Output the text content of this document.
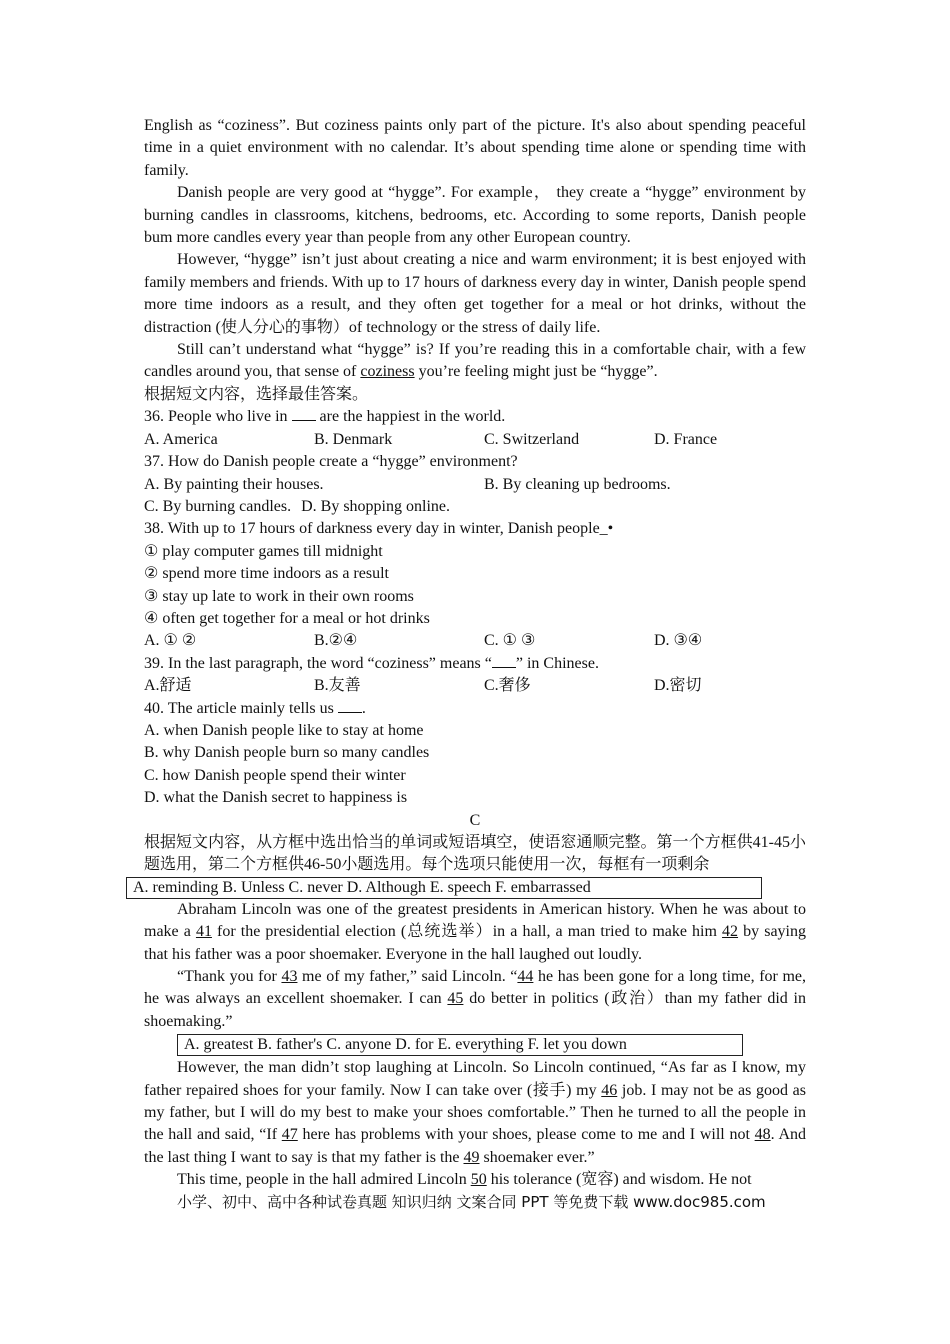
English as “coziness”. But coziness paints only part of the picture. It's also about spending peaceful time in a quiet environment with no calendar. It’s about spending time alone or spending time with family.

Danish people are very good at “hygge”. For example， they create a “hygge” environment by burning candles in classrooms, kitchens, bedrooms, etc. According to some reports, Danish people bum more candles every year than people from any other European country.

However, “hygge” isn’t just about creating a nice and warm environment; it is best enjoyed with family members and friends. With up to 17 hours of darkness every day in winter, Danish people spend more time indoors as a result, and they often get together for a meal or hot drinks, without the distraction (使人分心的事物）of technology or the stress of daily life.

Still can’t understand what “hygge” is? If you’re reading this in a comfortable chair, with a few candles around you, that sense of coziness you’re feeling might just be “hygge”.

根据短文内容，选择最佳答案。

36. People who live in  are the happiest in the world.

A. America	B. Denmark	C. Switzerland	D. France

37. How do Danish people create a “hygge” environment?

A. By painting their houses.	B. By cleaning up bedrooms.
C. By burning candles. D. By shopping online.

38. With up to 17 hours of darkness every day in winter, Danish people_•

① play computer games till midnight

② spend more time indoors as a result

③ stay up late to work in their own rooms

④ often get together for a meal or hot drinks

A. ① ②	B.②④	C. ① ③	D. ③④

39. In the last paragraph, the word “coziness” means “ ” in Chinese.

A.舒适	B.友善	C.奢侈	D.密切

40. The article mainly tells us .

A. when Danish people like to stay at home

B. why Danish people burn so many candles

C. how Danish people spend their winter

D. what the Danish secret to happiness is

C

根据短文内容，从方框中选出恰当的单词或短语填空，使语窓通顺完整。第一个方框供41-45小题选用，第二个方框供46-50小题选用。每个选项只能使用一次，每框有一项剩余

A. reminding B. Unless C. never D. Although E. speech F. embarrassed

Abraham Lincoln was one of the greatest presidents in American history. When he was about to make a 41 for the presidential election (总统选举）in a hall, a man tried to make him 42 by saying that his father was a poor shoemaker. Everyone in the hall laughed out loudly.

“Thank you for 43 me of my father,” said Lincoln. “44 he has been gone for a long time, for me, he was always an excellent shoemaker. I can 45 do better in politics (政治）than my father did in shoemaking.”

A. greatest B. father's C. anyone D. for E. everything F. let you down

However, the man didn’t stop laughing at Lincoln. So Lincoln continued, “As far as I know, my father repaired shoes for your family. Now I can take over (接手) my 46 job. I may not be as good as my father, but I will do my best to make your shoes comfortable.” Then he turned to all the people in the hall and said, “If 47 here has problems with your shoes, please come to me and I will not 48. And the last thing I want to say is that my father is the 49 shoemaker ever.”

This time, people in the hall admired Lincoln 50 his tolerance (宽容) and wisdom. He not

小学、初中、高中各种试卷真题 知识归纳 文案合同 PPT 等免费下载 www.doc985.com
